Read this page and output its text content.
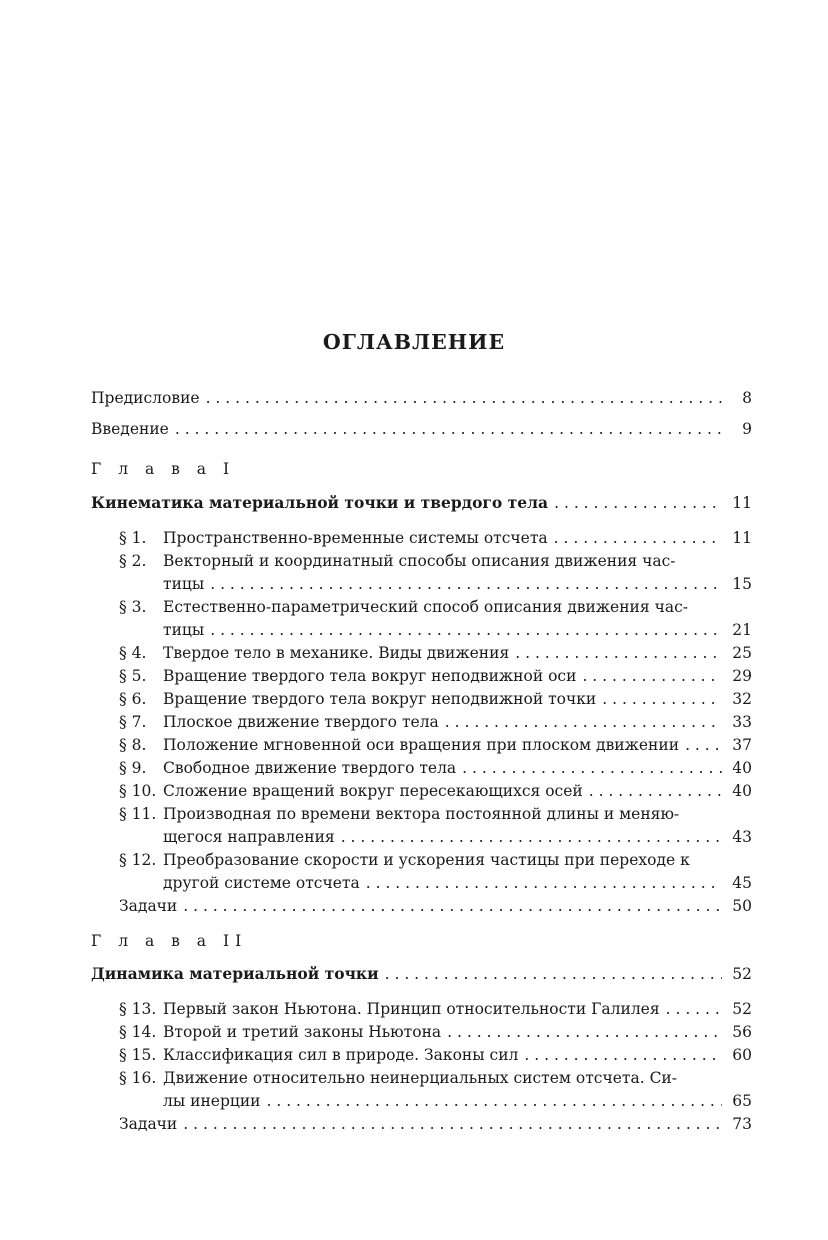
ОГЛАВЛЕНИЕ
Предисловие . . .	8
Введение . . .	9
Г л а в а I
Кинематика материальной точки и твердого тела . . .	11
§ 1. Пространственно-временные системы отсчета . . .	11
§ 2. Векторный и координатный способы описания движения час-
тицы . . .	15
§ 3. Естественно-параметрический способ описания движения час-
тицы . . .	21
§ 4. Твердое тело в механике. Виды движения . . .	25
§ 5. Вращение твердого тела вокруг неподвижной оси . . .	29
§ 6. Вращение твердого тела вокруг неподвижной точки . . .	32
§ 7. Плоское движение твердого тела . . .	33
§ 8. Положение мгновенной оси вращения при плоском движении . . .	37
§ 9. Свободное движение твердого тела . . .	40
§ 10. Сложение вращений вокруг пересекающихся осей . . .	40
§ 11. Производная по времени вектора постоянной длины и меняю-
щегося направления . . .	43
§ 12. Преобразование скорости и ускорения частицы при переходе к
другой системе отсчета . . .	45
Задачи . . .	50
Г л а в а II
Динамика материальной точки . . .	52
§ 13. Первый закон Ньютона. Принцип относительности Галилея . . .	52
§ 14. Второй и третий законы Ньютона . . .	56
§ 15. Классификация сил в природе. Законы сил . . .	60
§ 16. Движение относительно неинерциальных систем отсчета. Си-
лы инерции . . .	65
Задачи . . .	73
